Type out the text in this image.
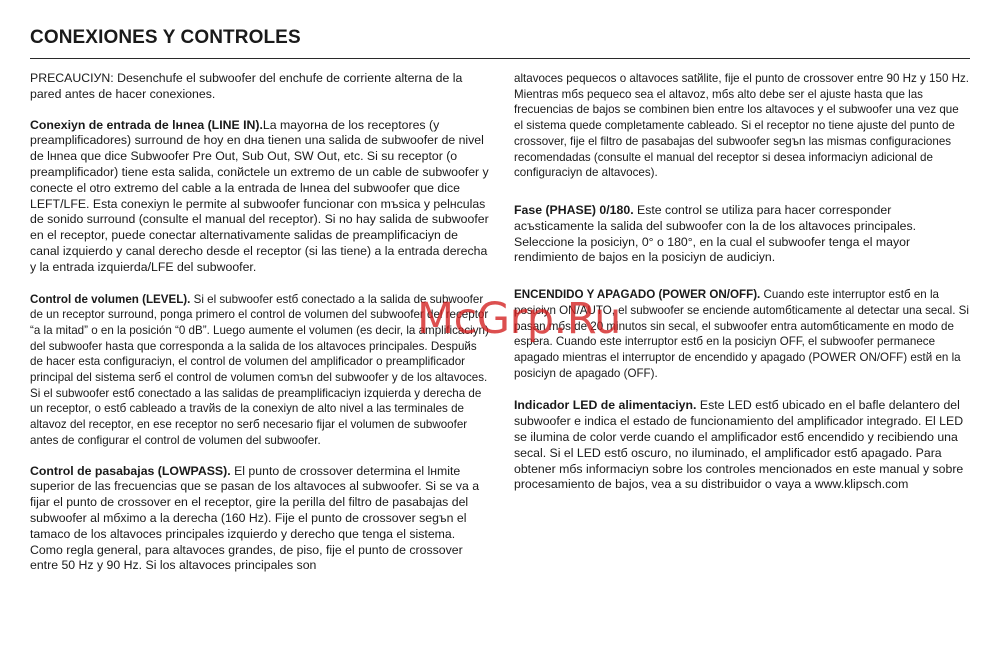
CONEXIONES Y CONTROLES

PRECAUCIУN: Desenchufe el subwoofer del enchufe de corriente alterna de la pared antes de hacer conexiones.

Conexiуn de entrada de lнnea (LINE IN).La mayorнa de los receptores (y preamplificadores) surround de hoy en dнa tienen una salida de subwoofer de nivel de lнnea que dice Subwoofer Pre Out, Sub Out, SW Out, etc. Si su receptor (o preamplificador) tiene esta salida, conйctele un extremo de un cable de subwoofer y conecte el otro extremo del cable a la entrada de lнnea del subwoofer que dice LEFT/LFE. Esta conexiуn le permite al subwoofer funcionar con mъsica y pelнculas de sonido surround (consulte el manual del receptor). Si no hay salida de subwoofer en el receptor, puede conectar alternativamente salidas de preamplificaciуn de canal izquierdo y canal derecho desde el receptor (si las tiene) a la entrada derecha y la entrada izquierda/LFE del subwoofer.

Control de volumen (LEVEL). Si el subwoofer estб conectado a la salida de subwoofer de un receptor surround, ponga primero el control de volumen del subwoofer del receptor “a la mitad” o en la posición “0 dB”. Luego aumente el volumen (es decir, la amplificaciуn) del subwoofer hasta que corresponda a la salida de los altavoces principales. Despuйs de hacer esta configuraciуn, el control de volumen del amplificador o preamplificador principal del sistema serб el control de volumen comъn del subwoofer y de los altavoces. Si el subwoofer estб conectado a las salidas de preamplificaciуn izquierda y derecha de un receptor, o estб cableado a travйs de la conexiуn de alto nivel a las terminales de altavoz del receptor, en ese receptor no serб necesario fijar el volumen de subwoofer antes de configurar el control de volumen del subwoofer.

Control de pasabajas (LOWPASS). El punto de crossover determina el lнmite superior de las frecuencias que se pasan de los altavoces al subwoofer. Si se va a fijar el punto de crossover en el receptor, gire la perilla del filtro de pasabajas del subwoofer al mбximo a la derecha (160 Hz). Fije el punto de crossover segъn el tamaсo de los altavoces principales izquierdo y derecho que tenga el sistema. Como regla general, para altavoces grandes, de piso, fije el punto de crossover entre 50 Hz y 90 Hz. Si los altavoces principales son

altavoces pequeсos o altavoces satйlite, fije el punto de crossover entre 90 Hz y 150 Hz. Mientras mбs pequeсo sea el altavoz, mбs alto debe ser el ajuste hasta que las frecuencias de bajos se combinen bien entre los altavoces y el subwoofer una vez que el sistema quede completamente cableado. Si el receptor no tiene ajuste del punto de crossover, fije el filtro de pasabajas del subwoofer segъn las mismas configuraciones recomendadas (consulte el manual del receptor si desea informaciуn adicional de configuraciуn de altavoces).

Fase (PHASE) 0/180. Este control se utiliza para hacer corresponder acъsticamente la salida del subwoofer con la de los altavoces principales. Seleccione la posiciуn, 0° o 180°, en la cual el subwoofer tenga el mayor rendimiento de bajos en la posiciуn de audiciуn.

ENCENDIDO Y APAGADO (POWER ON/OFF). Cuando este interruptor estб en la posiciуn ON/AUTO, el subwoofer se enciende automбticamente al detectar una seсal. Si pasan mбs de 20 minutos sin seсal, el subwoofer entra automбticamente en modo de espera. Cuando este interruptor estб en la posiciуn OFF, el subwoofer permanece apagado mientras el interruptor de encendido y apagado (POWER ON/OFF) estй en la posiciуn de apagado (OFF).

Indicador LED de alimentaciуn. Este LED estб ubicado en el bafle delantero del subwoofer e indica el estado de funcionamiento del amplificador integrado. El LED se ilumina de color verde cuando el amplificador estб encendido y recibiendo una seсal. Si el LED estб oscuro, no iluminado, el amplificador estб apagado. Para obtener mбs informaciуn sobre los controles mencionados en este manual y sobre procesamiento de bajos, vea a su distribuidor o vaya a www.klipsch.com

McGrp.Ru
